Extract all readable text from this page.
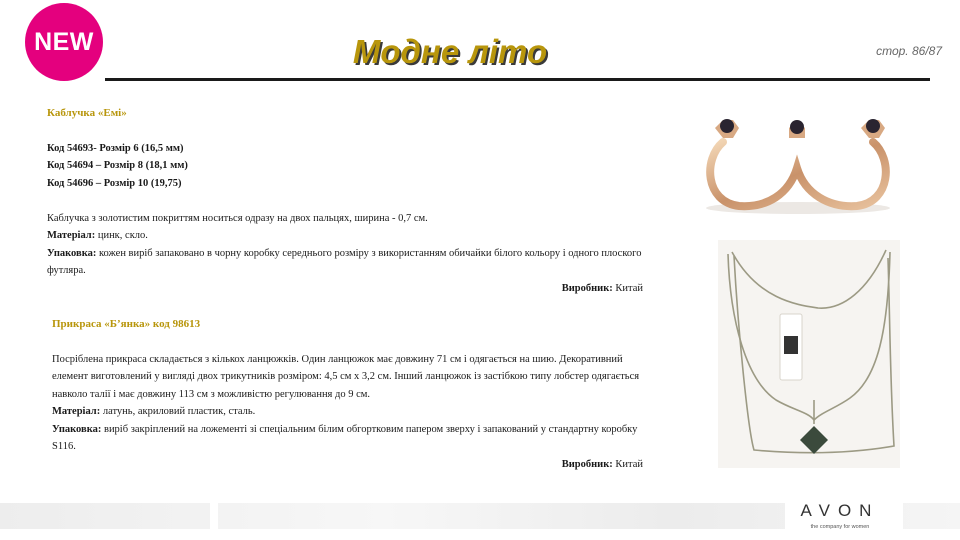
NEW	Модне літо	стор. 86/87

Каблучка «Емі»

Код 54693- Розмір 6 (16,5 мм)

Код 54694 – Розмір 8 (18,1 мм)

Код 54696 – Розмір 10 (19,75)

Каблучка з золотистим покриттям носиться одразу на двох пальцях, ширина - 0,7 см.

Матеріал: цинк, скло.

Упаковка: кожен виріб запаковано в чорну коробку середнього розміру з використанням обичайки білого кольору і одного плоского футляра.

Виробник: Китай

Прикраса «Б’янка» код 98613

Посріблена прикраса складається з кількох ланцюжків. Один ланцюжок має довжину 71 см і одягається на шию. Декоративний елемент виготовлений у вигляді двох трикутників розміром: 4,5 см х 3,2 см. Інший ланцюжок із застібкою типу лобстер одягається навколо талії і має довжину 113 см з можливістю регулювання до 9 см.

Матеріал: латунь, акриловий пластик, сталь.

Упаковка: виріб закріплений на ложементі зі спеціальним білим обгортковим папером зверху і запакований у стандартну коробку S116.

Виробник: Китай

AVON
the company for women
